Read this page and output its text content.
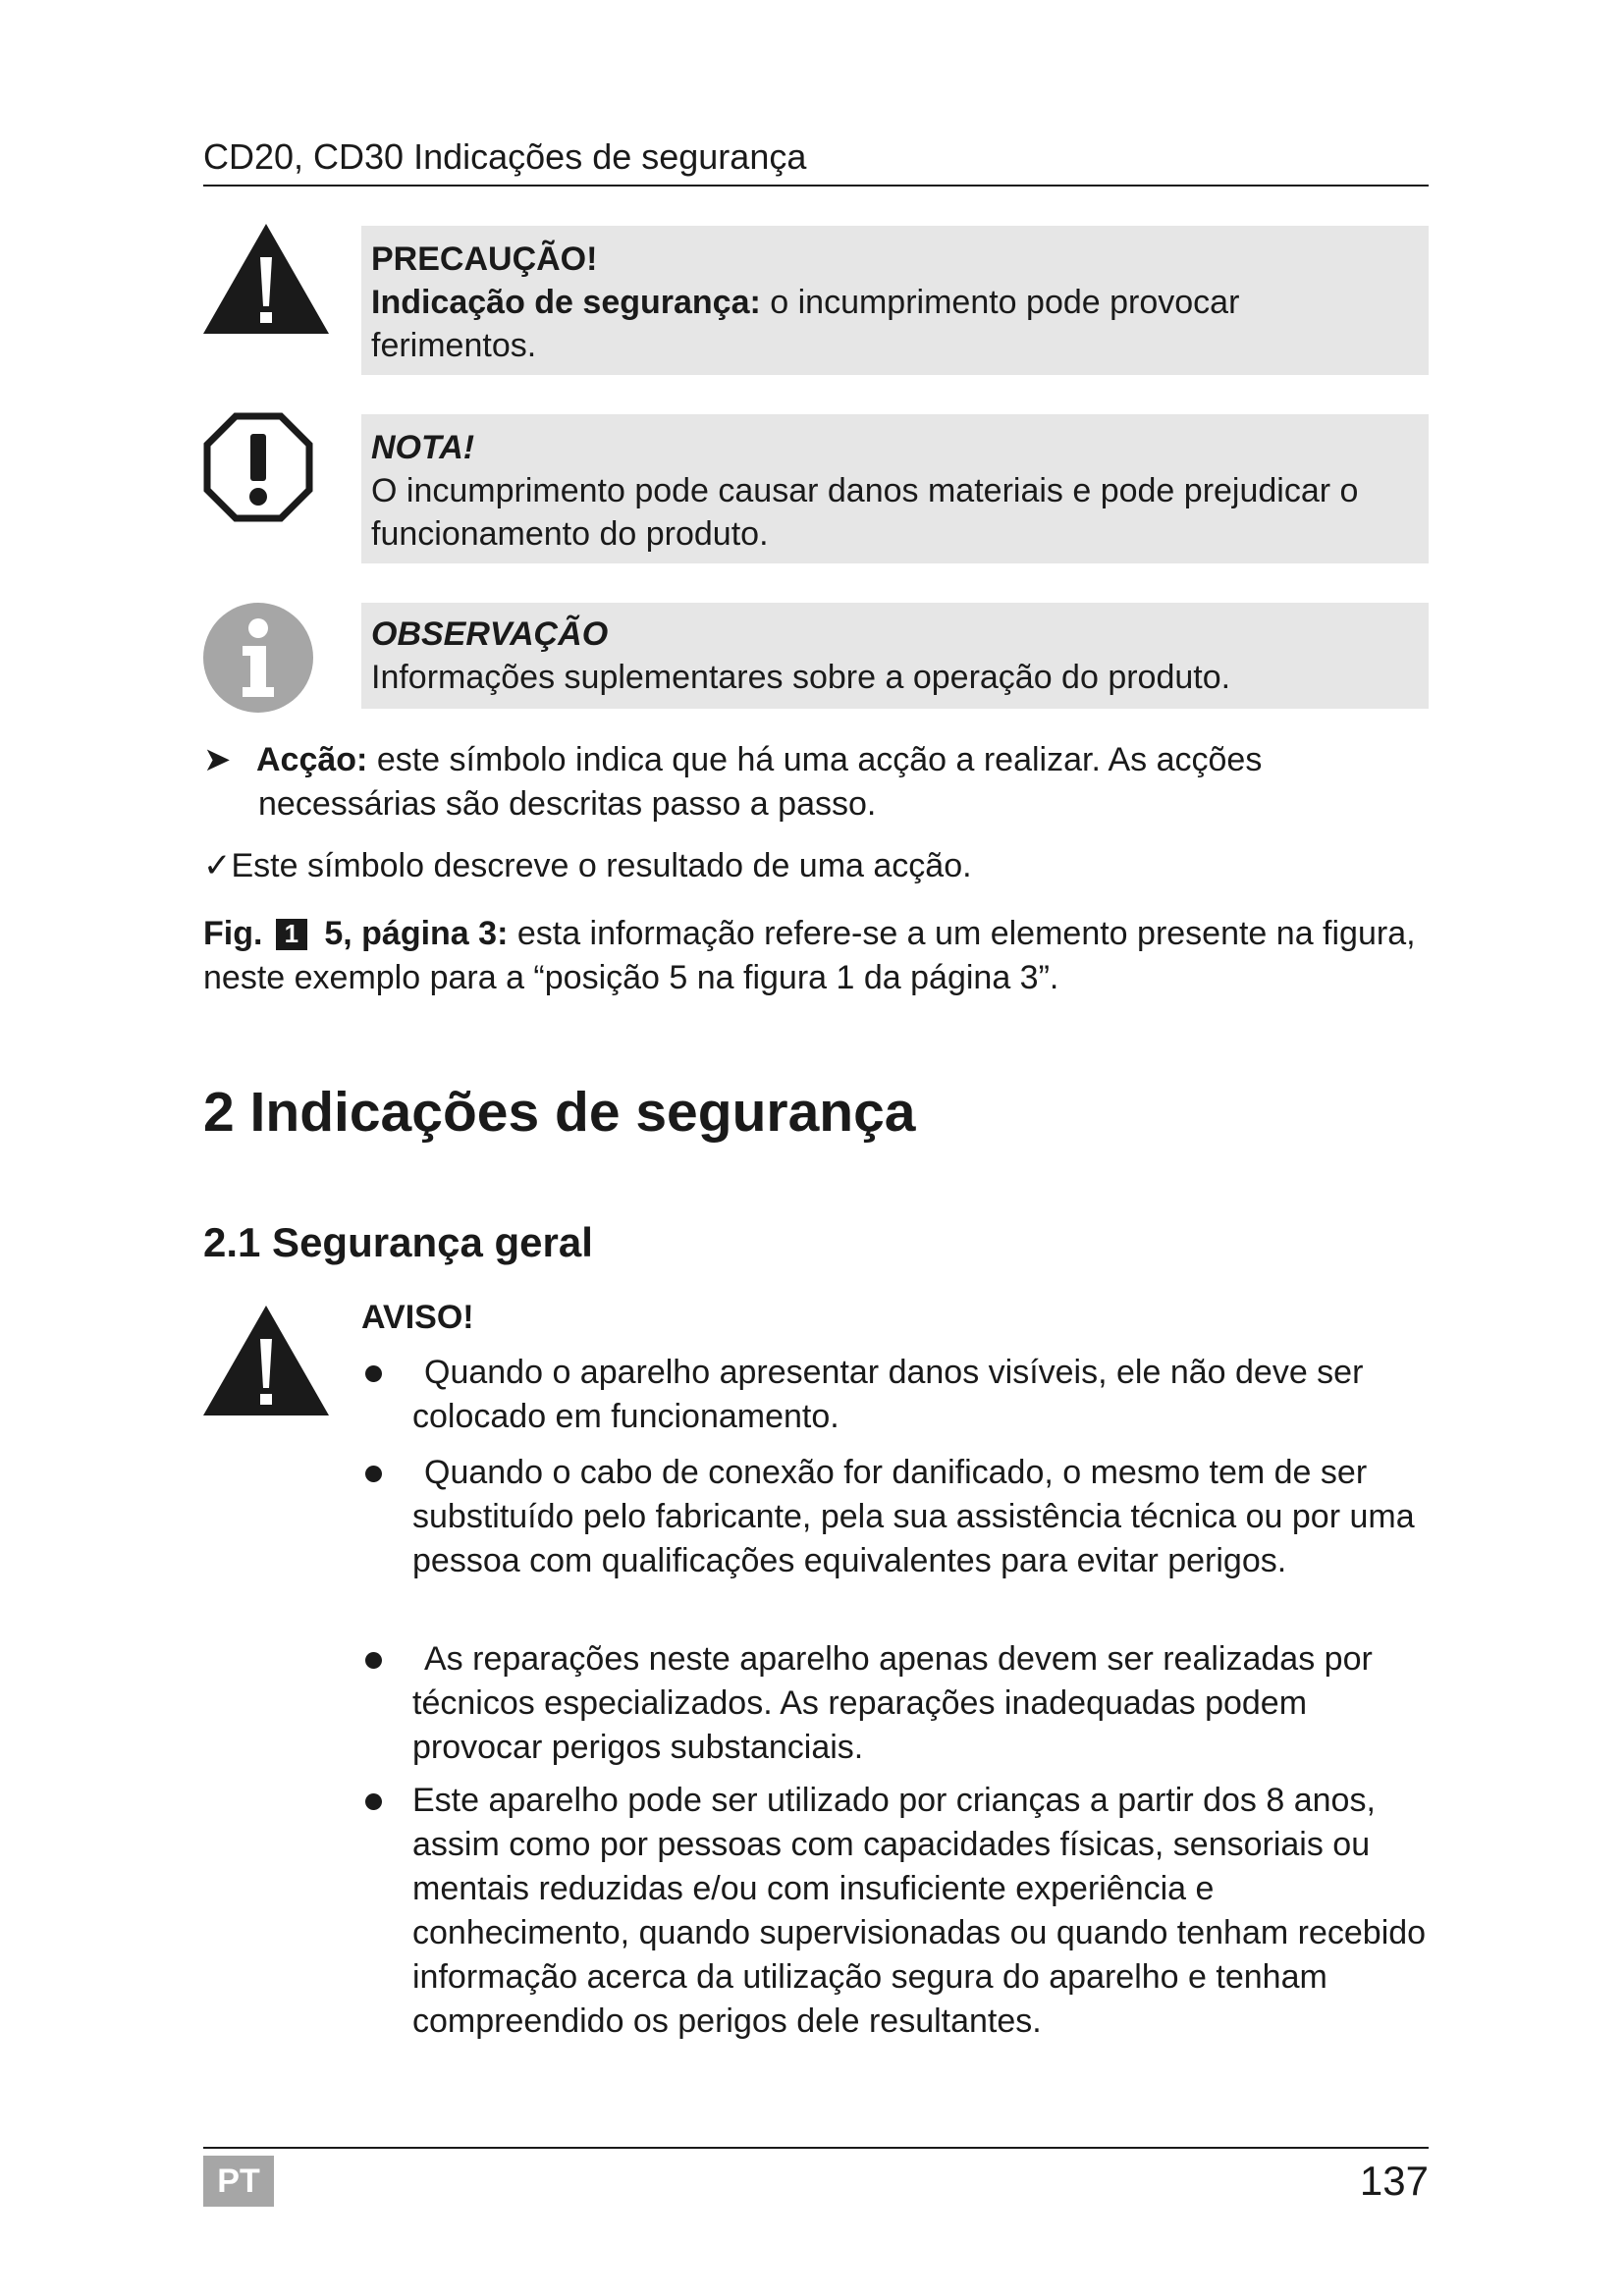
CD20, CD30 Indicações de segurança
PRECAUÇÃO!
Indicação de segurança: o incumprimento pode provocar ferimentos.
NOTA!
O incumprimento pode causar danos materiais e pode prejudicar o funcionamento do produto.
OBSERVAÇÃO
Informações suplementares sobre a operação do produto.
➤ Acção: este símbolo indica que há uma acção a realizar. As acções
necessárias são descritas passo a passo.
✓Este símbolo descreve o resultado de uma acção.
Fig. 1 5, página 3: esta informação refere-se a um elemento presente na figura, neste exemplo para a “posição 5 na figura 1 da página 3”.
2 Indicações de segurança
2.1 Segurança geral
AVISO!
Quando o aparelho apresentar danos visíveis, ele não deve ser colocado em funcionamento.
Quando o cabo de conexão for danificado, o mesmo tem de ser substituído pelo fabricante, pela sua assistência técnica ou por uma pessoa com qualificações equivalentes para evitar perigos.
As reparações neste aparelho apenas devem ser realizadas por técnicos especializados. As reparações inadequadas podem provocar perigos substanciais.
Este aparelho pode ser utilizado por crianças a partir dos 8 anos, assim como por pessoas com capacidades físicas, sensoriais ou mentais reduzidas e/ou com insuficiente experiência e conhecimento, quando supervisionadas ou quando tenham recebido informação acerca da utilização segura do aparelho e tenham compreendido os perigos dele resultantes.
PT	137
